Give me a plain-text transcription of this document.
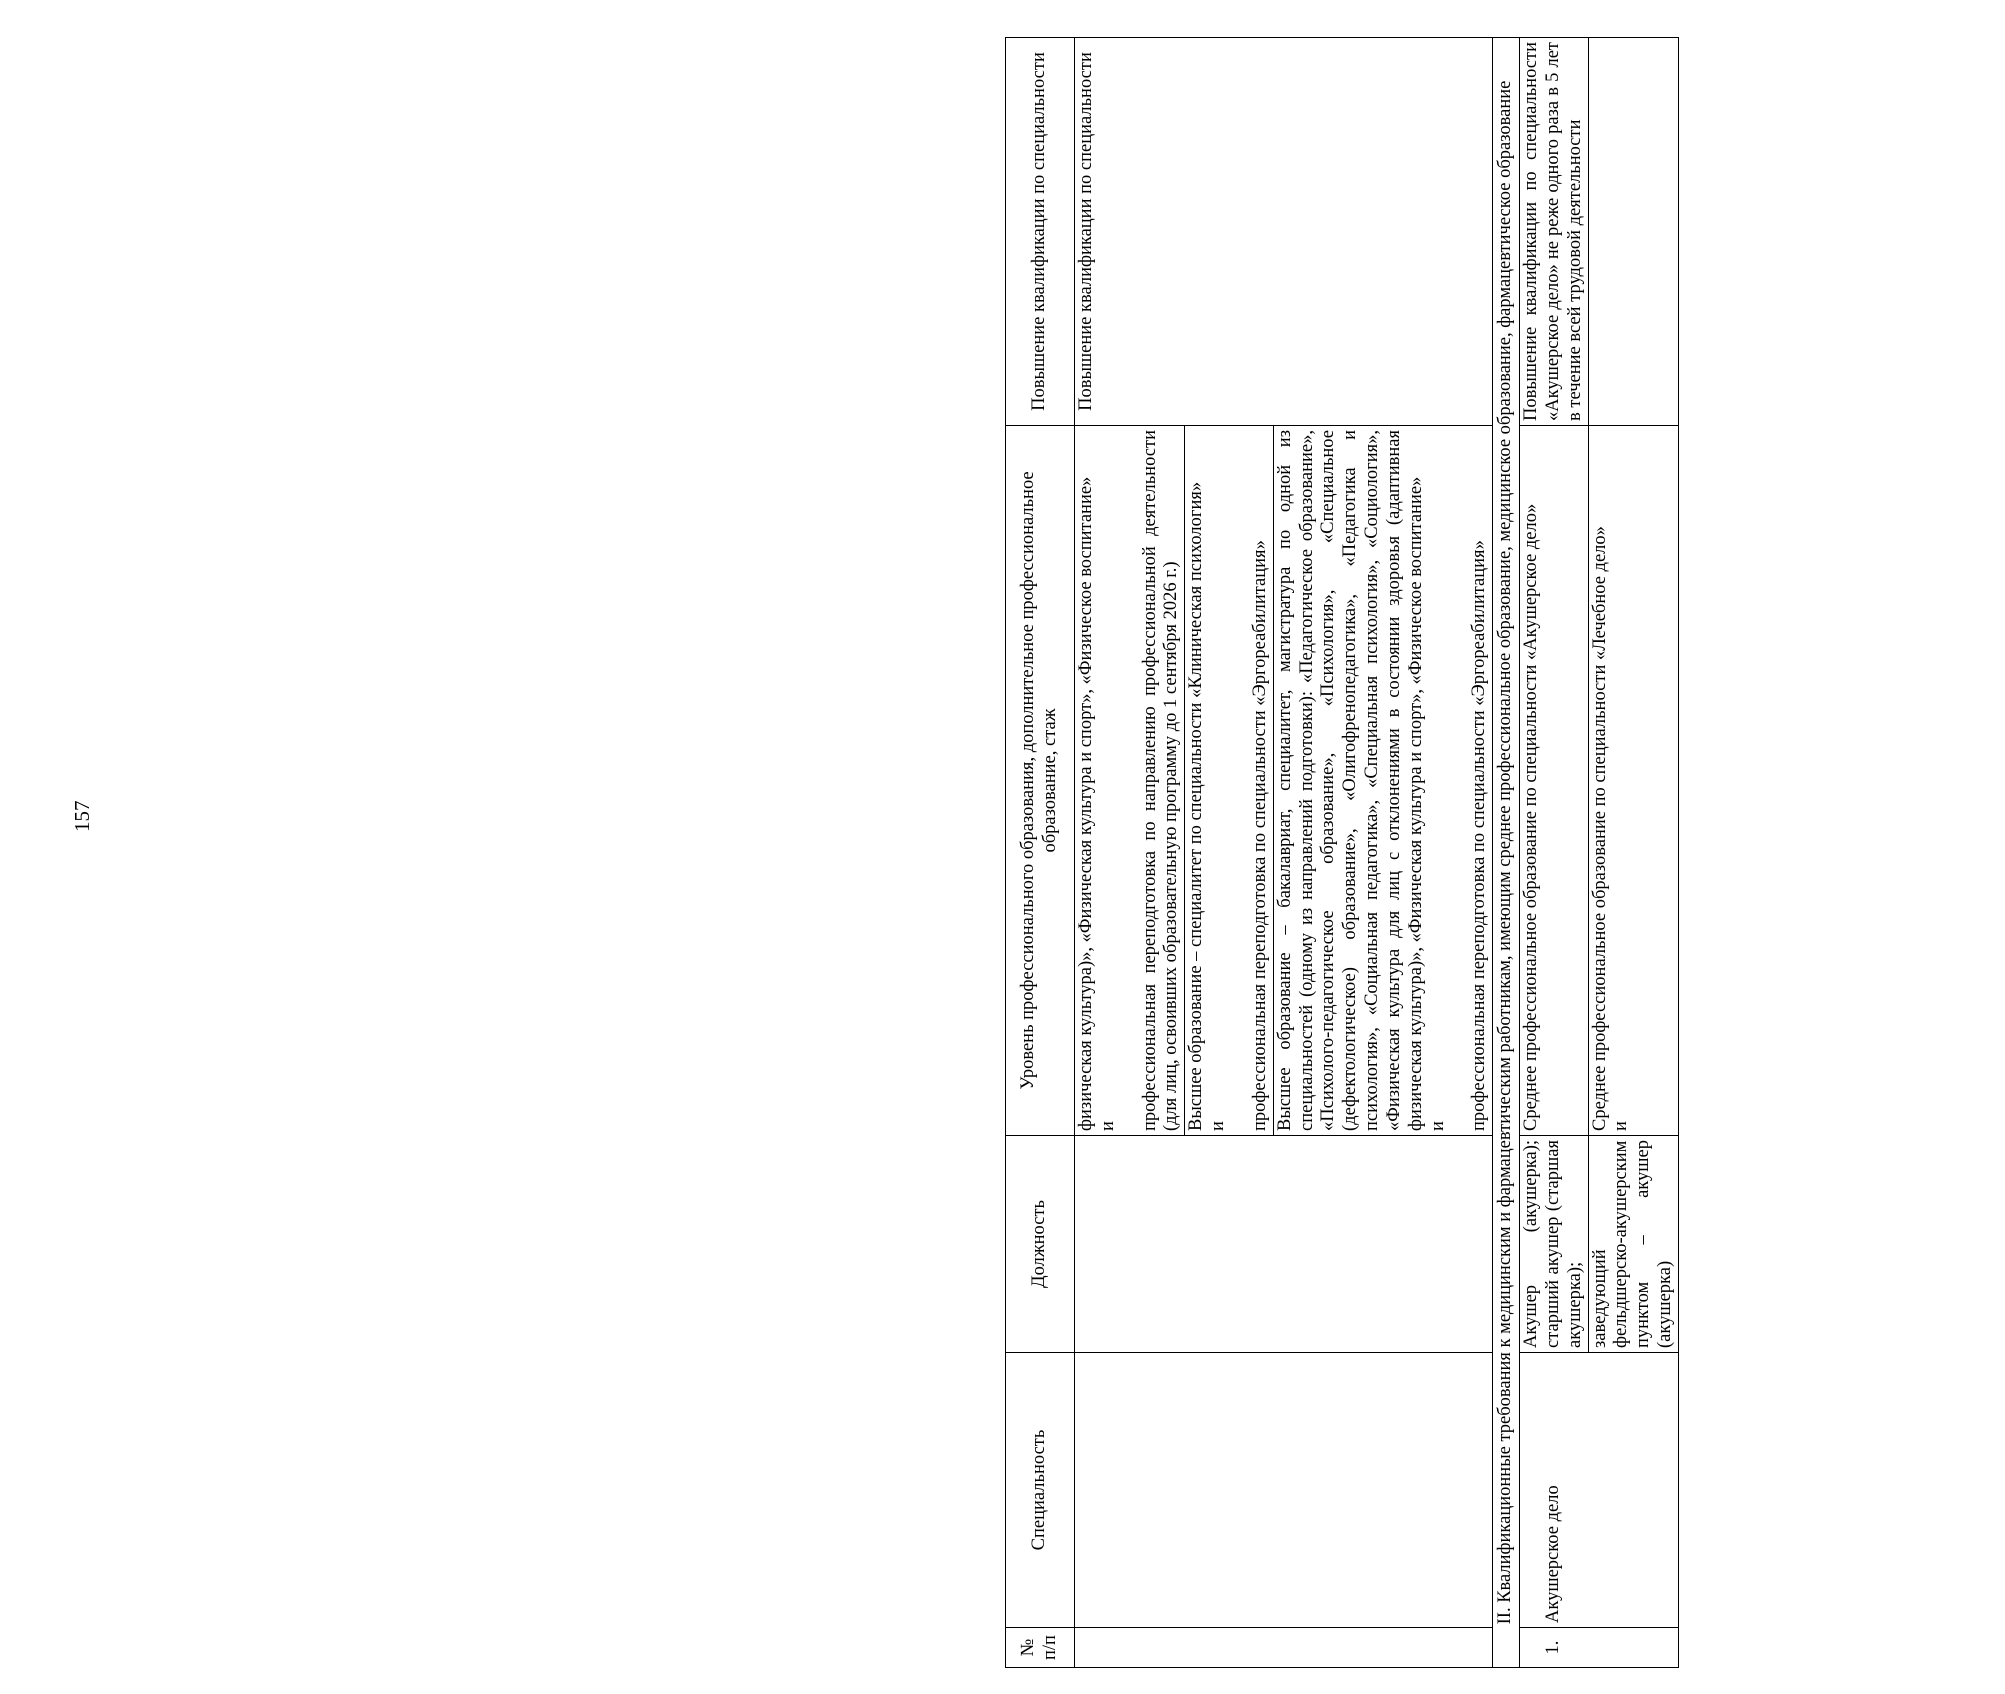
157
№ п/п	Специальность	Должность	Уровень профессионального образования, дополнительное профессиональное образование, стаж	Повышение квалификации по специальности

			физическая культура)», «Физическая культура и спорт», «Физическое воспитание» и профессиональная переподготовка по направлению профессиональной деятельности (для лиц, освоивших образовательную программу до 1 сентября 2026 г.)	Повышение квалификации по специальности

			Высшее образование – специалитет по специальности «Клиническая психология» и профессиональная переподготовка по специальности «Эргореабилитация»	

			Высшее образование – бакалавриат, специалитет, магистратура по одной из специальностей (одному из направлений подготовки): «Педагогическое образование», «Психолого-педагогическое образование», «Психология», «Специальное (дефектологическое) образование», «Олигофренопедагогика», «Педагогика и психология», «Социальная педагогика», «Специальная психология», «Социология», «Физическая культура для лиц с отклонениями в состоянии здоровья (адаптивная физическая культура)», «Физическая культура и спорт», «Физическое воспитание» и профессиональная переподготовка по специальности «Эргореабилитация»	

II. Квалификационные требования к медицинским и фармацевтическим работникам, имеющим среднее профессиональное образование, медицинское образование, фармацевтическое образование				
1.	Акушерское дело	Акушер (акушерка); старший акушер (старшая акушерка);	Среднее профессиональное образование по специальности «Акушерское дело»	Повышение квалификации по специальности «Акушерское дело» не реже одного раза в 5 лет в течение всей трудовой деятельности
		заведующий фельдшерско-акушерским пунктом – акушер (акушерка)	Среднее профессиональное образование по специальности «Лечебное дело» и	
